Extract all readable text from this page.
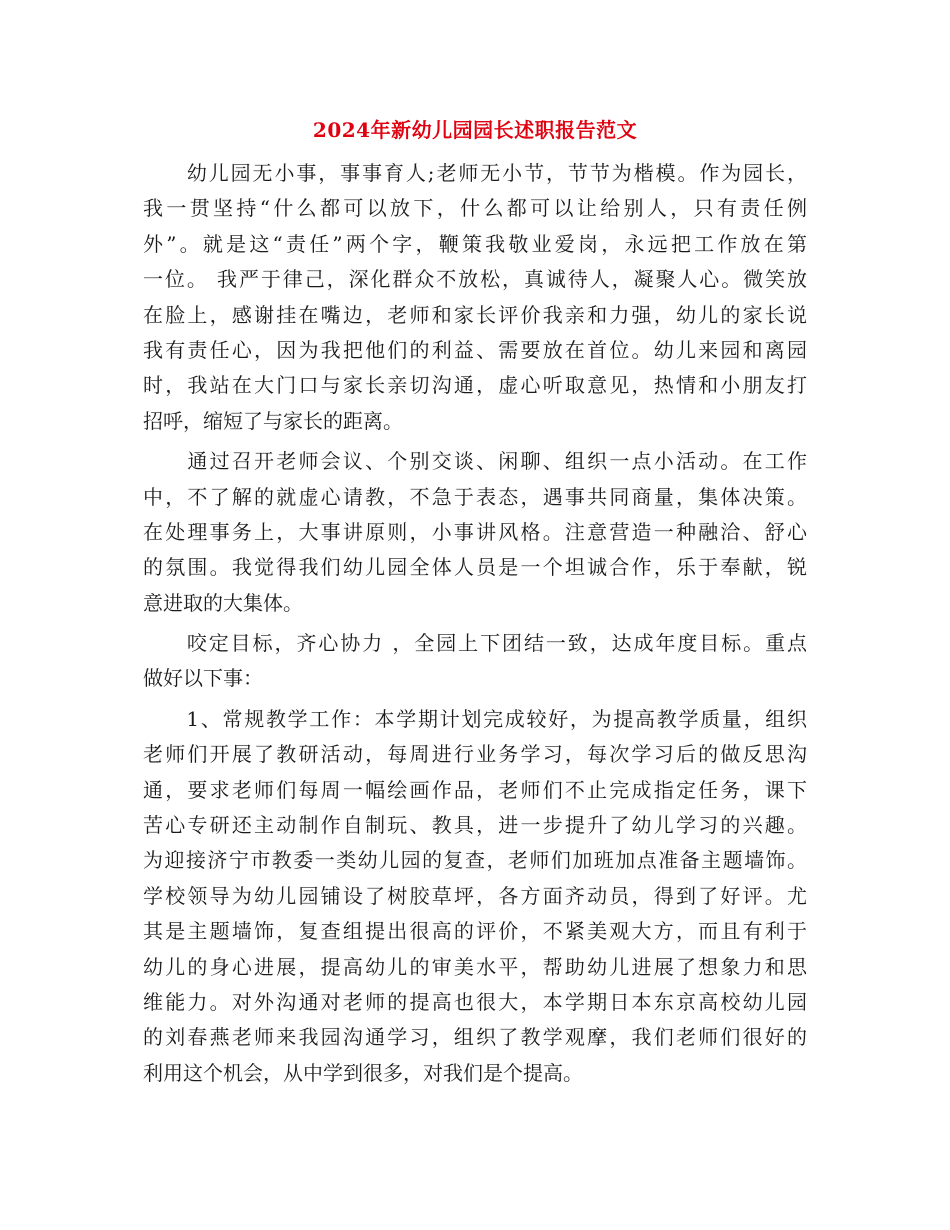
2024年新幼儿园园长述职报告范文
　　幼儿园无小事，事事育人;老师无小节，节节为楷模。作为园长，
我一贯坚持“什么都可以放下，什么都可以让给别人，只有责任例
外”。就是这“责任”两个字，鞭策我敬业爱岗，永远把工作放在第
一位。 我严于律己，深化群众不放松，真诚待人，凝聚人心。微笑放
在脸上，感谢挂在嘴边，老师和家长评价我亲和力强，幼儿的家长说
我有责任心，因为我把他们的利益、需要放在首位。幼儿来园和离园
时，我站在大门口与家长亲切沟通，虚心听取意见，热情和小朋友打
招呼，缩短了与家长的距离。
　　通过召开老师会议、个别交谈、闲聊、组织一点小活动。在工作
中，不了解的就虚心请教，不急于表态，遇事共同商量，集体决策。
在处理事务上，大事讲原则，小事讲风格。注意营造一种融洽、舒心
的氛围。我觉得我们幼儿园全体人员是一个坦诚合作，乐于奉献，锐
意进取的大集体。
　　咬定目标，齐心协力 ，全园上下团结一致，达成年度目标。重点
做好以下事：
　　1、常规教学工作：本学期计划完成较好，为提高教学质量，组织
老师们开展了教研活动，每周进行业务学习，每次学习后的做反思沟
通，要求老师们每周一幅绘画作品，老师们不止完成指定任务，课下
苦心专研还主动制作自制玩、教具，进一步提升了幼儿学习的兴趣。
为迎接济宁市教委一类幼儿园的复查，老师们加班加点准备主题墙饰。
学校领导为幼儿园铺设了树胶草坪，各方面齐动员，得到了好评。尤
其是主题墙饰，复查组提出很高的评价，不紧美观大方，而且有利于
幼儿的身心进展，提高幼儿的审美水平，帮助幼儿进展了想象力和思
维能力。对外沟通对老师的提高也很大，本学期日本东京高校幼儿园
的刘春燕老师来我园沟通学习，组织了教学观摩，我们老师们很好的
利用这个机会，从中学到很多，对我们是个提高。
